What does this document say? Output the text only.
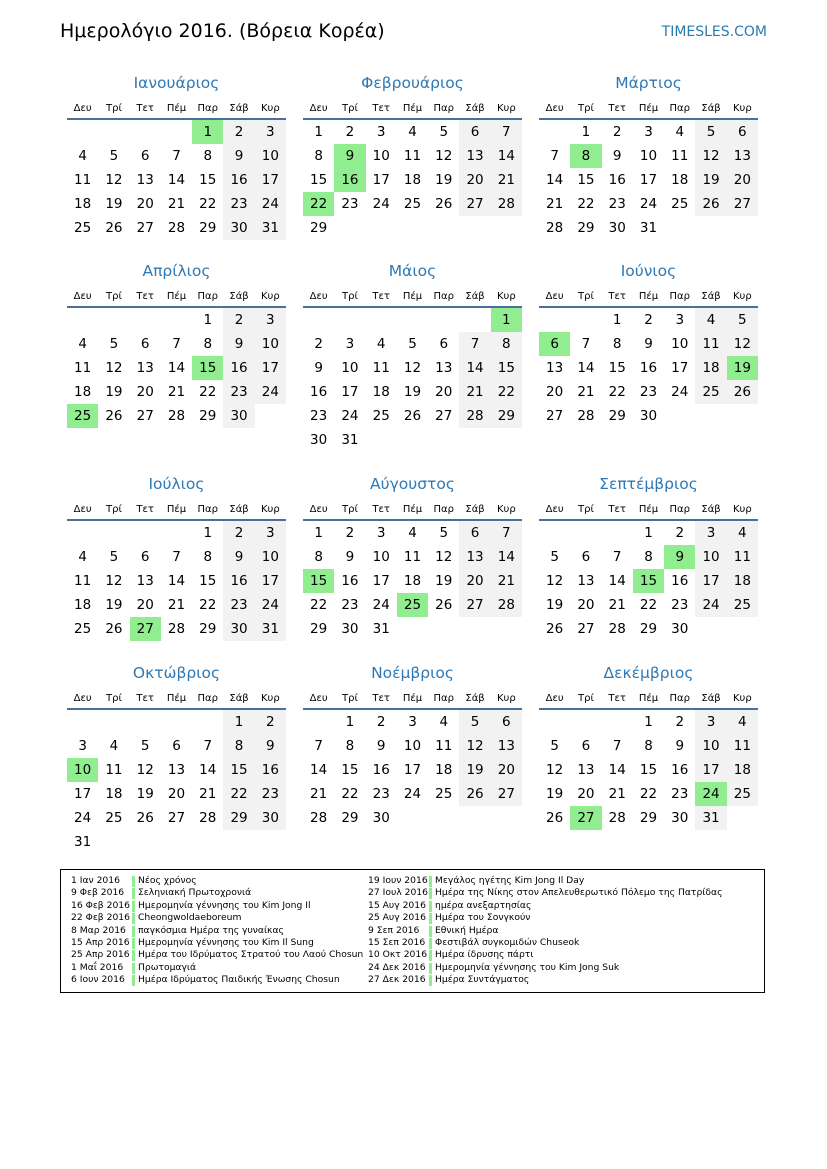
Ημερολόγιο 2016. (Βόρεια Κορέα)	TIMESLES.COM
Ιανουάριος
Δευ	Τρί	Τετ	Πέμ	Παρ	Σάβ	Κυρ
				1	2	3
4	5	6	7	8	9	10
11	12	13	14	15	16	17
18	19	20	21	22	23	24
25	26	27	28	29	30	31
Φεβρουάριος
Δευ	Τρί	Τετ	Πέμ	Παρ	Σάβ	Κυρ
1	2	3	4	5	6	7
8	9	10	11	12	13	14
15	16	17	18	19	20	21
22	23	24	25	26	27	28
29						
Μάρτιος
Δευ	Τρί	Τετ	Πέμ	Παρ	Σάβ	Κυρ
	1	2	3	4	5	6
7	8	9	10	11	12	13
14	15	16	17	18	19	20
21	22	23	24	25	26	27
28	29	30	31			
Απρίλιος
Δευ	Τρί	Τετ	Πέμ	Παρ	Σάβ	Κυρ
				1	2	3
4	5	6	7	8	9	10
11	12	13	14	15	16	17
18	19	20	21	22	23	24
25	26	27	28	29	30	
Μάιος
Δευ	Τρί	Τετ	Πέμ	Παρ	Σάβ	Κυρ
						1
2	3	4	5	6	7	8
9	10	11	12	13	14	15
16	17	18	19	20	21	22
23	24	25	26	27	28	29
30	31					
Ιούνιος
Δευ	Τρί	Τετ	Πέμ	Παρ	Σάβ	Κυρ
		1	2	3	4	5
6	7	8	9	10	11	12
13	14	15	16	17	18	19
20	21	22	23	24	25	26
27	28	29	30			
Ιούλιος
Δευ	Τρί	Τετ	Πέμ	Παρ	Σάβ	Κυρ
				1	2	3
4	5	6	7	8	9	10
11	12	13	14	15	16	17
18	19	20	21	22	23	24
25	26	27	28	29	30	31
Αύγουστος
Δευ	Τρί	Τετ	Πέμ	Παρ	Σάβ	Κυρ
1	2	3	4	5	6	7
8	9	10	11	12	13	14
15	16	17	18	19	20	21
22	23	24	25	26	27	28
29	30	31				
Σεπτέμβριος
Δευ	Τρί	Τετ	Πέμ	Παρ	Σάβ	Κυρ
			1	2	3	4
5	6	7	8	9	10	11
12	13	14	15	16	17	18
19	20	21	22	23	24	25
26	27	28	29	30		
Οκτώβριος
Δευ	Τρί	Τετ	Πέμ	Παρ	Σάβ	Κυρ
					1	2
3	4	5	6	7	8	9
10	11	12	13	14	15	16
17	18	19	20	21	22	23
24	25	26	27	28	29	30
31						
Νοέμβριος
Δευ	Τρί	Τετ	Πέμ	Παρ	Σάβ	Κυρ
	1	2	3	4	5	6
7	8	9	10	11	12	13
14	15	16	17	18	19	20
21	22	23	24	25	26	27
28	29	30				
Δεκέμβριος
Δευ	Τρί	Τετ	Πέμ	Παρ	Σάβ	Κυρ
			1	2	3	4
5	6	7	8	9	10	11
12	13	14	15	16	17	18
19	20	21	22	23	24	25
26	27	28	29	30	31	
1 Ιαν 2016 Νέος χρόνος
9 Φεβ 2016 Σεληνιακή Πρωτοχρονιά
16 Φεβ 2016 Ημερομηνία γέννησης του Kim Jong Il
22 Φεβ 2016 Cheongwoldaeboreum
8 Μαρ 2016 παγκόσμια Ημέρα της γυναίκας
15 Απρ 2016 Ημερομηνία γέννησης του Kim Il Sung
25 Απρ 2016 Ημέρα του Ιδρύματος Στρατού του Λαού Chosun
1 Μαΐ 2016 Πρωτομαγιά
6 Ιουν 2016 Ημέρα Ιδρύματος Παιδικής Ένωσης Chosun
19 Ιουν 2016 Μεγάλος ηγέτης Kim Jong Il Day
27 Ιουλ 2016 Ημέρα της Νίκης στον Απελευθερωτικό Πόλεμο της Πατρίδας
15 Αυγ 2016 ημέρα ανεξαρτησίας
25 Αυγ 2016 Ημέρα του Σονγκούν
9 Σεπ 2016 Εθνική Ημέρα
15 Σεπ 2016 Φεστιβάλ συγκομιδών Chuseok
10 Οκτ 2016 Ημέρα ίδρυσης πάρτι
24 Δεκ 2016 Ημερομηνία γέννησης του Kim Jong Suk
27 Δεκ 2016 Ημέρα Συντάγματος
